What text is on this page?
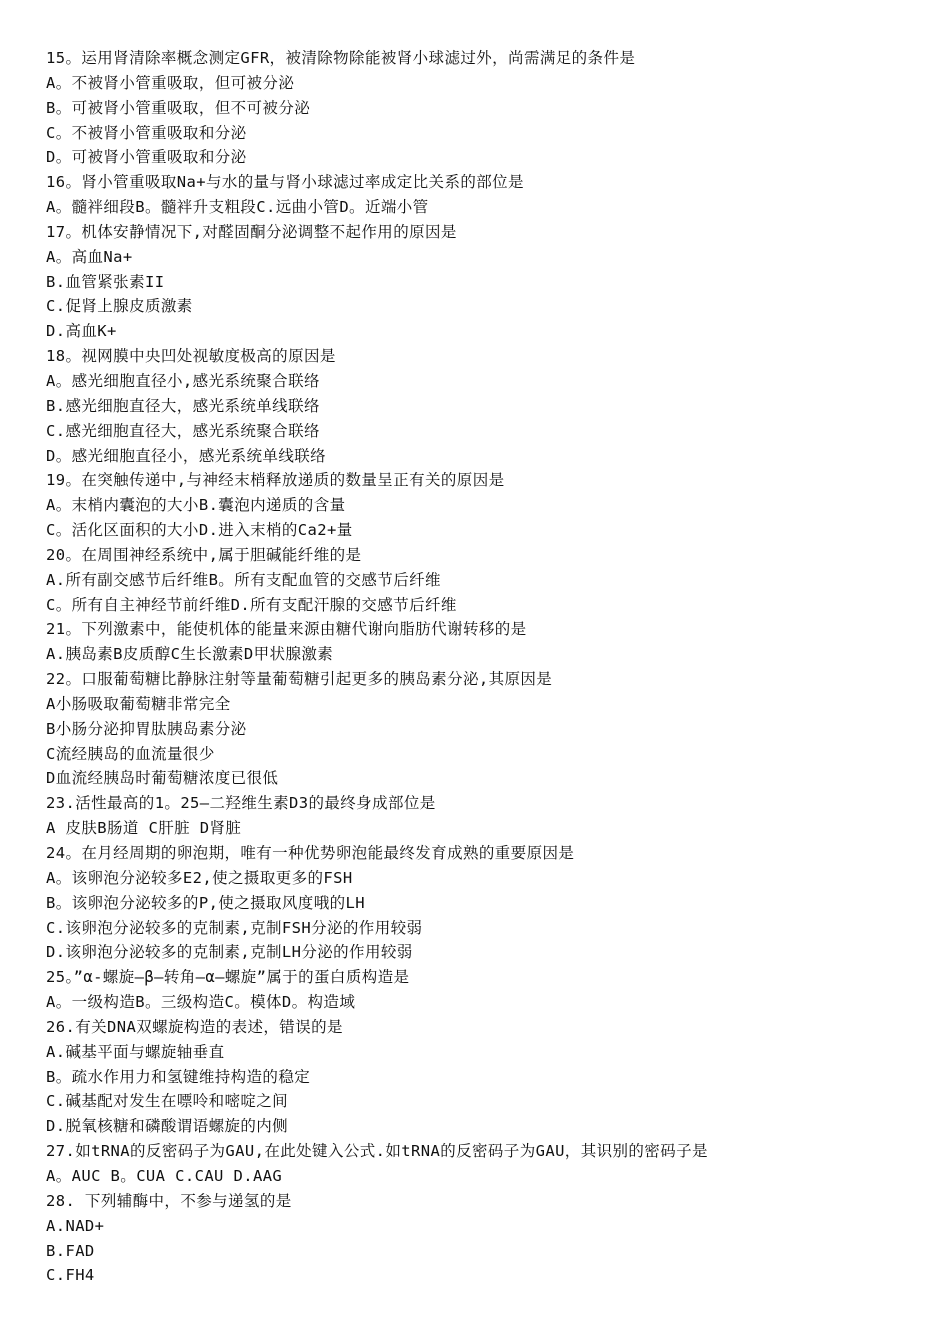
15。运用肾清除率概念测定GFR，被清除物除能被肾小球滤过外，尚需满足的条件是
A。不被肾小管重吸取，但可被分泌
B。可被肾小管重吸取，但不可被分泌
C。不被肾小管重吸取和分泌
D。可被肾小管重吸取和分泌
16。肾小管重吸取Na+与水的量与肾小球滤过率成定比关系的部位是
A。髓袢细段B。髓袢升支粗段C.远曲小管D。近端小管
17。机体安静情况下,对醛固酮分泌调整不起作用的原因是
A。高血Na+
B.血管紧张素II
C.促肾上腺皮质激素
D.高血K+
18。视网膜中央凹处视敏度极高的原因是
A。感光细胞直径小,感光系统聚合联络
B.感光细胞直径大，感光系统单线联络
C.感光细胞直径大，感光系统聚合联络
D。感光细胞直径小，感光系统单线联络
19。在突触传递中,与神经末梢释放递质的数量呈正有关的原因是
A。末梢内囊泡的大小B.囊泡内递质的含量
C。活化区面积的大小D.进入末梢的Ca2+量
20。在周围神经系统中,属于胆碱能纤维的是
A.所有副交感节后纤维B。所有支配血管的交感节后纤维
C。所有自主神经节前纤维D.所有支配汗腺的交感节后纤维
21。下列激素中，能使机体的能量来源由糖代谢向脂肪代谢转移的是
A.胰岛素B皮质醇C生长激素D甲状腺激素
22。口服葡萄糖比静脉注射等量葡萄糖引起更多的胰岛素分泌,其原因是
A小肠吸取葡萄糖非常完全
B小肠分泌抑胃肽胰岛素分泌
C流经胰岛的血流量很少
D血流经胰岛时葡萄糖浓度已很低
23.活性最高的1。25—二羟维生素D3的最终身成部位是
A 皮肤B肠道 C肝脏 D肾脏
24。在月经周期的卵泡期，唯有一种优势卵泡能最终发育成熟的重要原因是
A。该卵泡分泌较多E2,使之摄取更多的FSH
B。该卵泡分泌较多的P,使之摄取风度哦的LH
C.该卵泡分泌较多的克制素,克制FSH分泌的作用较弱
D.该卵泡分泌较多的克制素,克制LH分泌的作用较弱
25。”α-螺旋—β—转角—α—螺旋”属于的蛋白质构造是
A。一级构造B。三级构造C。模体D。构造域
26.有关DNA双螺旋构造的表述，错误的是
A.碱基平面与螺旋轴垂直
B。疏水作用力和氢键维持构造的稳定
C.碱基配对发生在嘌呤和嘧啶之间
D.脱氧核糖和磷酸谓语螺旋的内侧
27.如tRNA的反密码子为GAU,在此处键入公式.如tRNA的反密码子为GAU，其识别的密码子是
A。AUC B。CUA C.CAU D.AAG
28. 下列辅酶中，不参与递氢的是
A.NAD+
B.FAD
C.FH4
